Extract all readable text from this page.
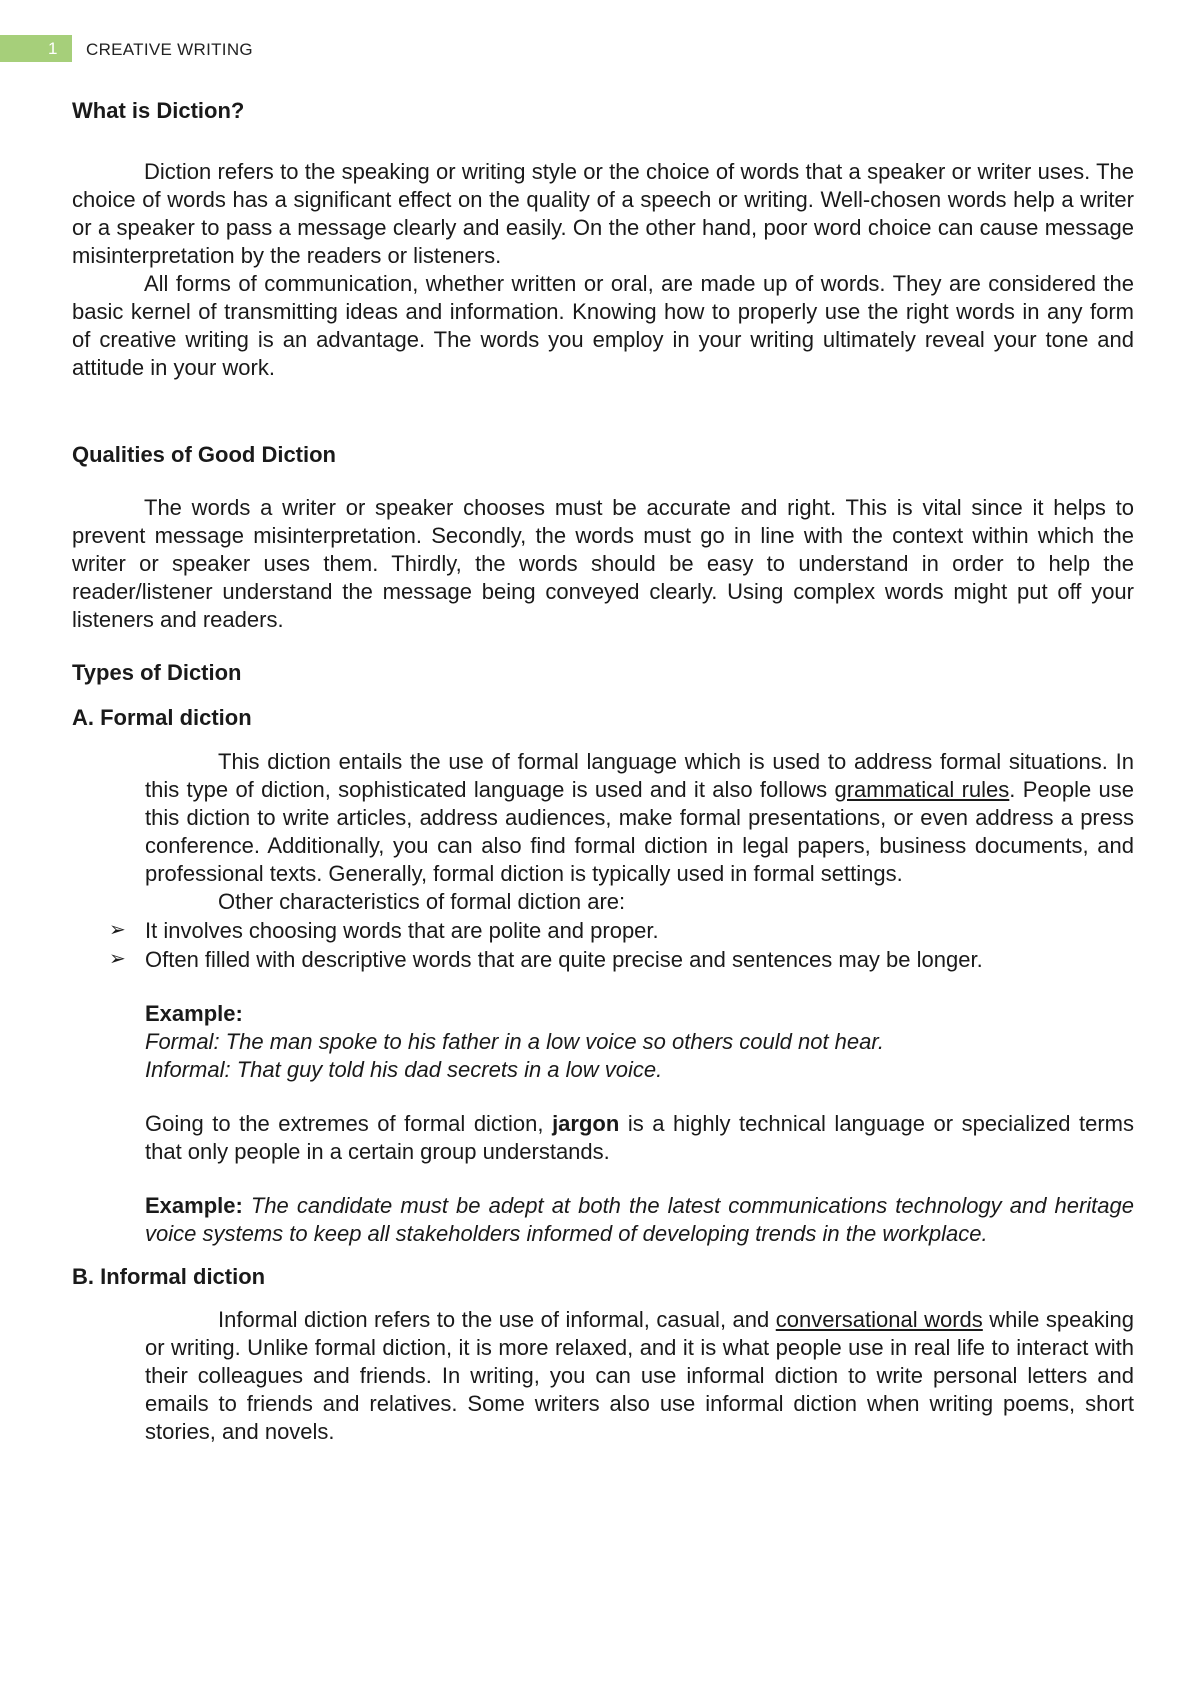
1 CREATIVE WRITING
What is Diction?

Diction refers to the speaking or writing style or the choice of words that a speaker or writer uses. The choice of words has a significant effect on the quality of a speech or writing. Well-chosen words help a writer or a speaker to pass a message clearly and easily. On the other hand, poor word choice can cause message misinterpretation by the readers or listeners.

All forms of communication, whether written or oral, are made up of words. They are considered the basic kernel of transmitting ideas and information. Knowing how to properly use the right words in any form of creative writing is an advantage. The words you employ in your writing ultimately reveal your tone and attitude in your work.

Qualities of Good Diction

The words a writer or speaker chooses must be accurate and right. This is vital since it helps to prevent message misinterpretation. Secondly, the words must go in line with the context within which the writer or speaker uses them. Thirdly, the words should be easy to understand in order to help the reader/listener understand the message being conveyed clearly. Using complex words might put off your listeners and readers.

Types of Diction
A. Formal diction

This diction entails the use of formal language which is used to address formal situations. In this type of diction, sophisticated language is used and it also follows grammatical rules. People use this diction to write articles, address audiences, make formal presentations, or even address a press conference. Additionally, you can also find formal diction in legal papers, business documents, and professional texts. Generally, formal diction is typically used in formal settings.

Other characteristics of formal diction are:

➢ It involves choosing words that are polite and proper.
➢ Often filled with descriptive words that are quite precise and sentences may be longer.

Example:

Formal: The man spoke to his father in a low voice so others could not hear.

Informal: That guy told his dad secrets in a low voice.

Going to the extremes of formal diction, jargon is a highly technical language or specialized terms that only people in a certain group understands.

Example: The candidate must be adept at both the latest communications technology and heritage voice systems to keep all stakeholders informed of developing trends in the workplace.

B. Informal diction

Informal diction refers to the use of informal, casual, and conversational words while speaking or writing. Unlike formal diction, it is more relaxed, and it is what people use in real life to interact with their colleagues and friends. In writing, you can use informal diction to write personal letters and emails to friends and relatives. Some writers also use informal diction when writing poems, short stories, and novels.
